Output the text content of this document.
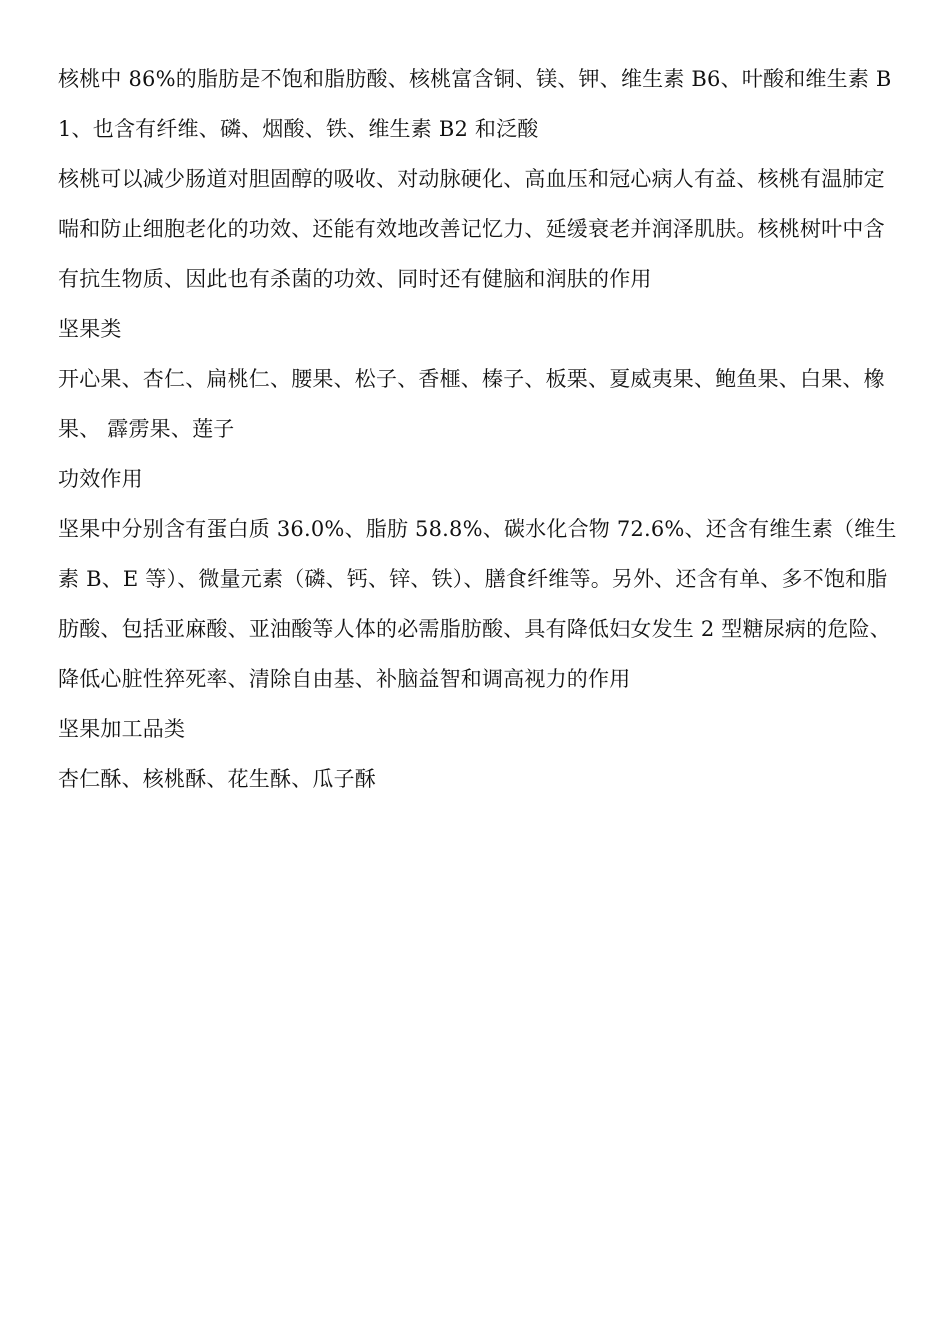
核桃中 86%的脂肪是不饱和脂肪酸、核桃富含铜、镁、钾、维生素 B6、叶酸和维生素 B1、也含有纤维、磷、烟酸、铁、维生素 B2 和泛酸

核桃可以减少肠道对胆固醇的吸收、对动脉硬化、高血压和冠心病人有益、核桃有温肺定喘和防止细胞老化的功效、还能有效地改善记忆力、延缓衰老并润泽肌肤。核桃树叶中含有抗生物质、因此也有杀菌的功效、同时还有健脑和润肤的作用

坚果类

开心果、杏仁、扁桃仁、腰果、松子、香榧、榛子、板栗、夏威夷果、鲍鱼果、白果、橡果、 霹雳果、莲子

功效作用

坚果中分别含有蛋白质 36.0%、脂肪 58.8%、碳水化合物 72.6%、还含有维生素（维生素 B、E 等）、微量元素（磷、钙、锌、铁）、膳食纤维等。另外、还含有单、多不饱和脂肪酸、包括亚麻酸、亚油酸等人体的必需脂肪酸、具有降低妇女发生 2 型糖尿病的危险、降低心脏性猝死率、清除自由基、补脑益智和调高视力的作用

坚果加工品类

杏仁酥、核桃酥、花生酥、瓜子酥
